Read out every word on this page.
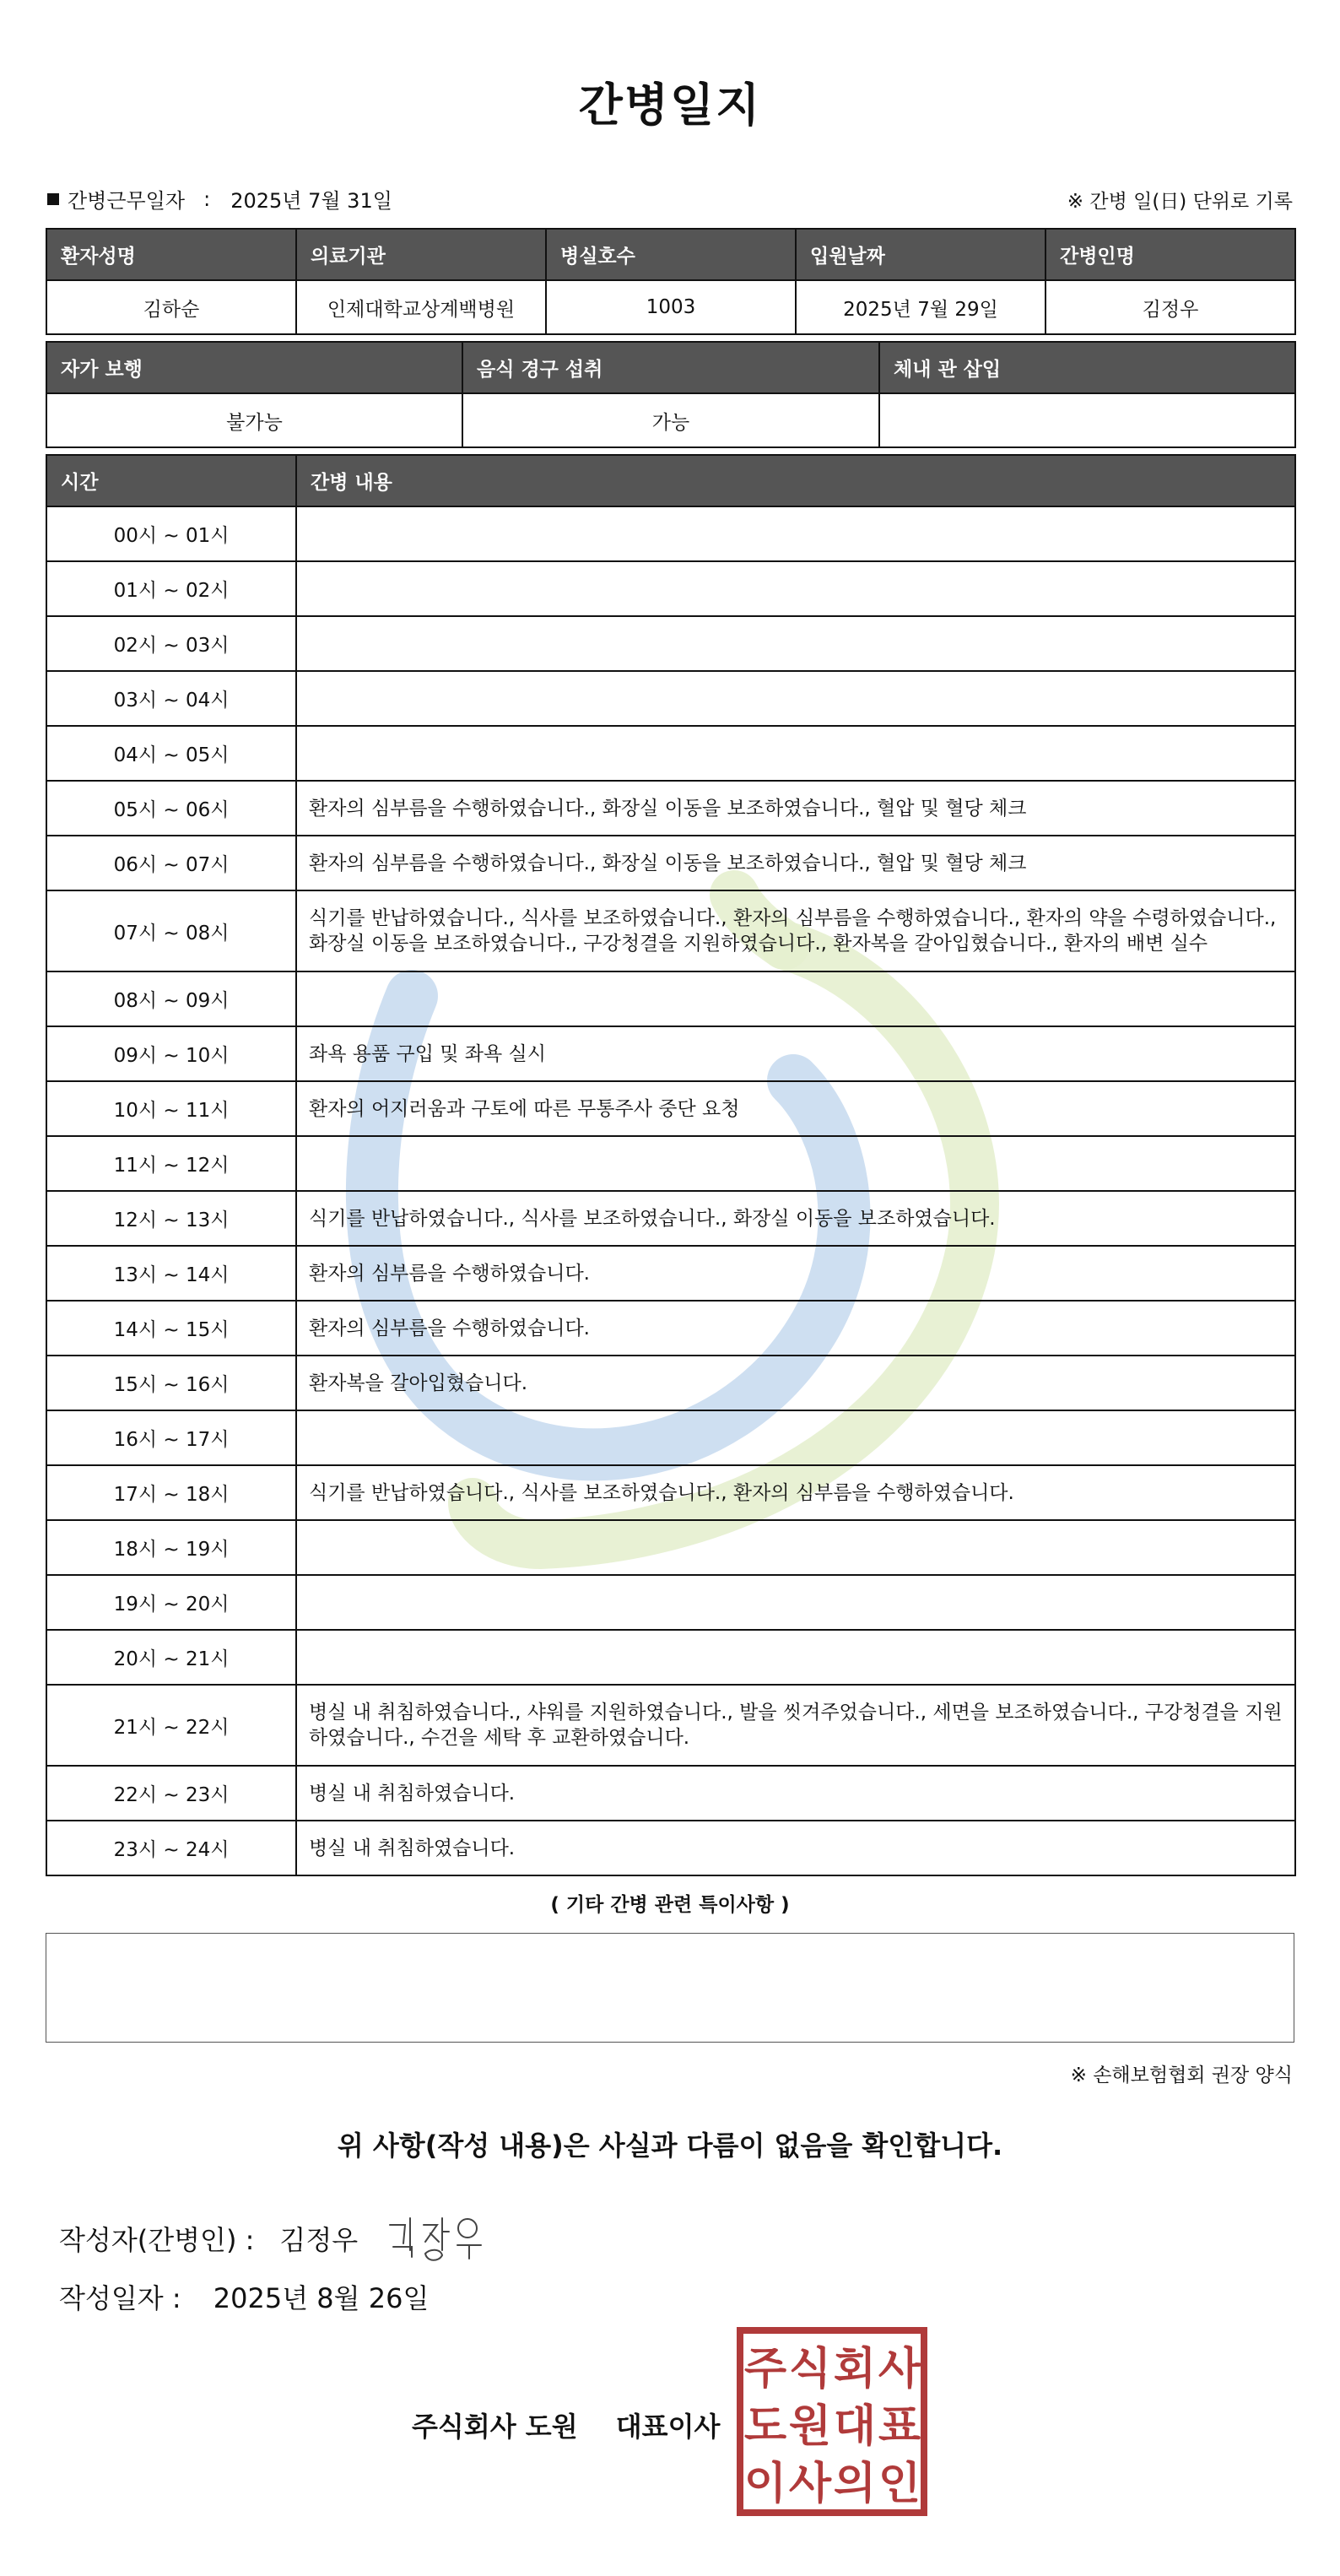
간병일지
간병근무일자 : 2025년 7월 31일	※ 간병 일(日) 단위로 기록
환자성명	의료기관	병실호수	입원날짜	간병인명
김하순	인제대학교상계백병원	1003	2025년 7월 29일	김정우
자가 보행	음식 경구 섭취	체내 관 삽입
불가능	가능	
시간	간병 내용
00시 ~ 01시	
01시 ~ 02시	
02시 ~ 03시	
03시 ~ 04시	
04시 ~ 05시	
05시 ~ 06시	환자의 심부름을 수행하였습니다., 화장실 이동을 보조하였습니다., 혈압 및 혈당 체크
06시 ~ 07시	환자의 심부름을 수행하였습니다., 화장실 이동을 보조하였습니다., 혈압 및 혈당 체크
07시 ~ 08시	식기를 반납하였습니다., 식사를 보조하였습니다., 환자의 심부름을 수행하였습니다., 환자의 약을 수령하였습니다., 화장실 이동을 보조하였습니다., 구강청결을 지원하였습니다., 환자복을 갈아입혔습니다., 환자의 배변 실수
08시 ~ 09시	
09시 ~ 10시	좌욕 용품 구입 및 좌욕 실시
10시 ~ 11시	환자의 어지러움과 구토에 따른 무통주사 중단 요청
11시 ~ 12시	
12시 ~ 13시	식기를 반납하였습니다., 식사를 보조하였습니다., 화장실 이동을 보조하였습니다.
13시 ~ 14시	환자의 심부름을 수행하였습니다.
14시 ~ 15시	환자의 심부름을 수행하였습니다.
15시 ~ 16시	환자복을 갈아입혔습니다.
16시 ~ 17시	
17시 ~ 18시	식기를 반납하였습니다., 식사를 보조하였습니다., 환자의 심부름을 수행하였습니다.
18시 ~ 19시	
19시 ~ 20시	
20시 ~ 21시	
21시 ~ 22시	병실 내 취침하였습니다., 샤워를 지원하였습니다., 발을 씻겨주었습니다., 세면을 보조하였습니다., 구강청결을 지원하였습니다., 수건을 세탁 후 교환하였습니다.
22시 ~ 23시	병실 내 취침하였습니다.
23시 ~ 24시	병실 내 취침하였습니다.
( 기타 간병 관련 특이사항 )
※ 손해보험협회 권장 양식
위 사항(작성 내용)은 사실과 다름이 없음을 확인합니다.
작성자(간병인) : 김정우
작성일자 : 2025년 8월 26일
주식회사 도원 대표이사
주 식 회 사
도 원 대 표
이 사 의 인
